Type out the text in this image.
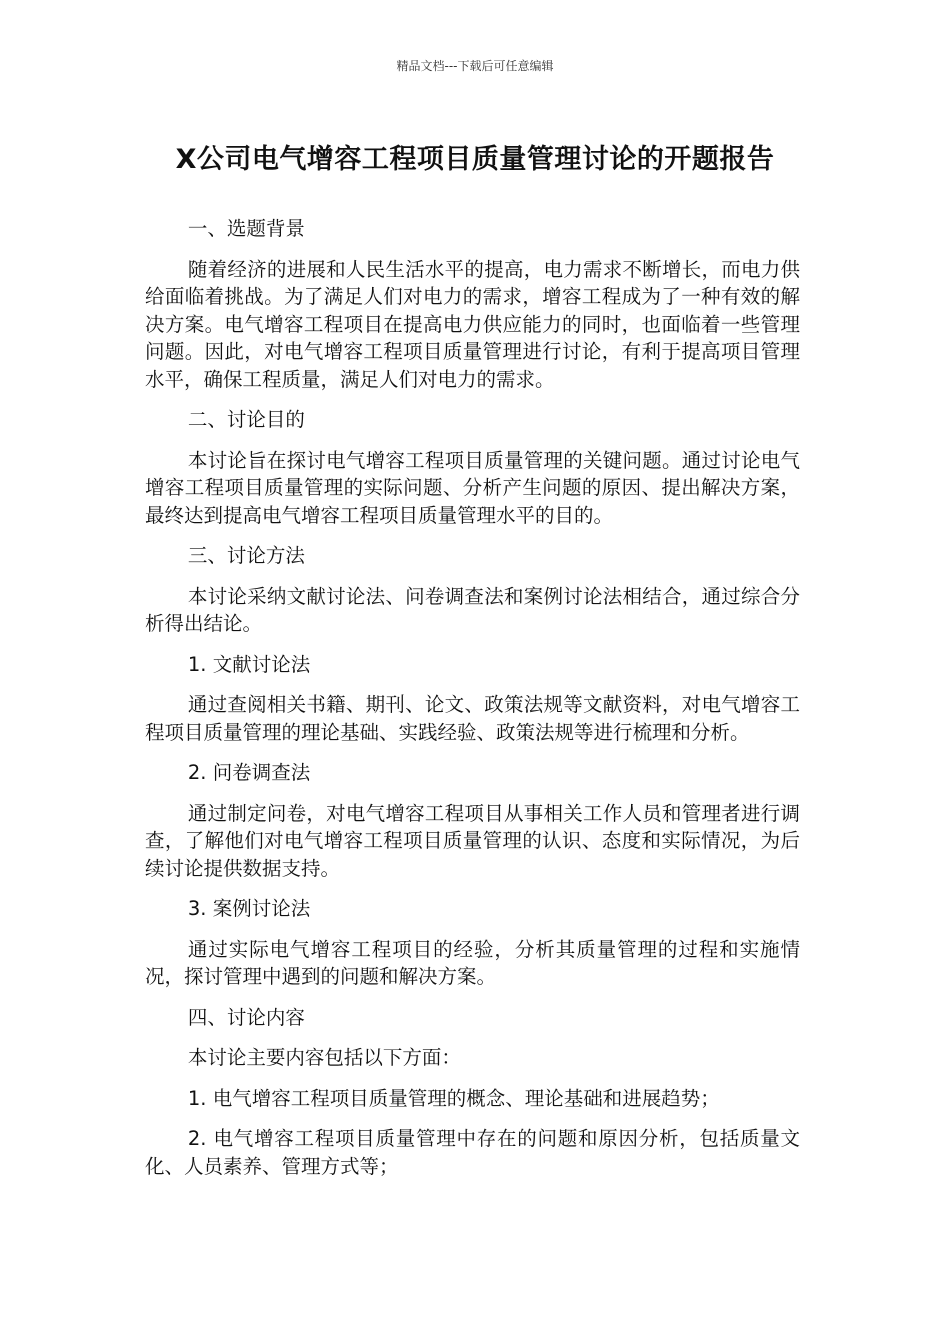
精品文档---下载后可任意编辑
X公司电气增容工程项目质量管理讨论的开题报告

一、选题背景

随着经济的进展和人民生活水平的提高，电力需求不断增长，而电力供给面临着挑战。为了满足人们对电力的需求，增容工程成为了一种有效的解决方案。电气增容工程项目在提高电力供应能力的同时，也面临着一些管理问题。因此，对电气增容工程项目质量管理进行讨论，有利于提高项目管理水平，确保工程质量，满足人们对电力的需求。

二、讨论目的

本讨论旨在探讨电气增容工程项目质量管理的关键问题。通过讨论电气增容工程项目质量管理的实际问题、分析产生问题的原因、提出解决方案，最终达到提高电气增容工程项目质量管理水平的目的。

三、讨论方法

本讨论采纳文献讨论法、问卷调查法和案例讨论法相结合，通过综合分析得出结论。

1. 文献讨论法

通过查阅相关书籍、期刊、论文、政策法规等文献资料，对电气增容工程项目质量管理的理论基础、实践经验、政策法规等进行梳理和分析。

2. 问卷调查法

通过制定问卷，对电气增容工程项目从事相关工作人员和管理者进行调查，了解他们对电气增容工程项目质量管理的认识、态度和实际情况，为后续讨论提供数据支持。

3. 案例讨论法

通过实际电气增容工程项目的经验，分析其质量管理的过程和实施情况，探讨管理中遇到的问题和解决方案。

四、讨论内容

本讨论主要内容包括以下方面：

1. 电气增容工程项目质量管理的概念、理论基础和进展趋势；

2. 电气增容工程项目质量管理中存在的问题和原因分析，包括质量文化、人员素养、管理方式等；
